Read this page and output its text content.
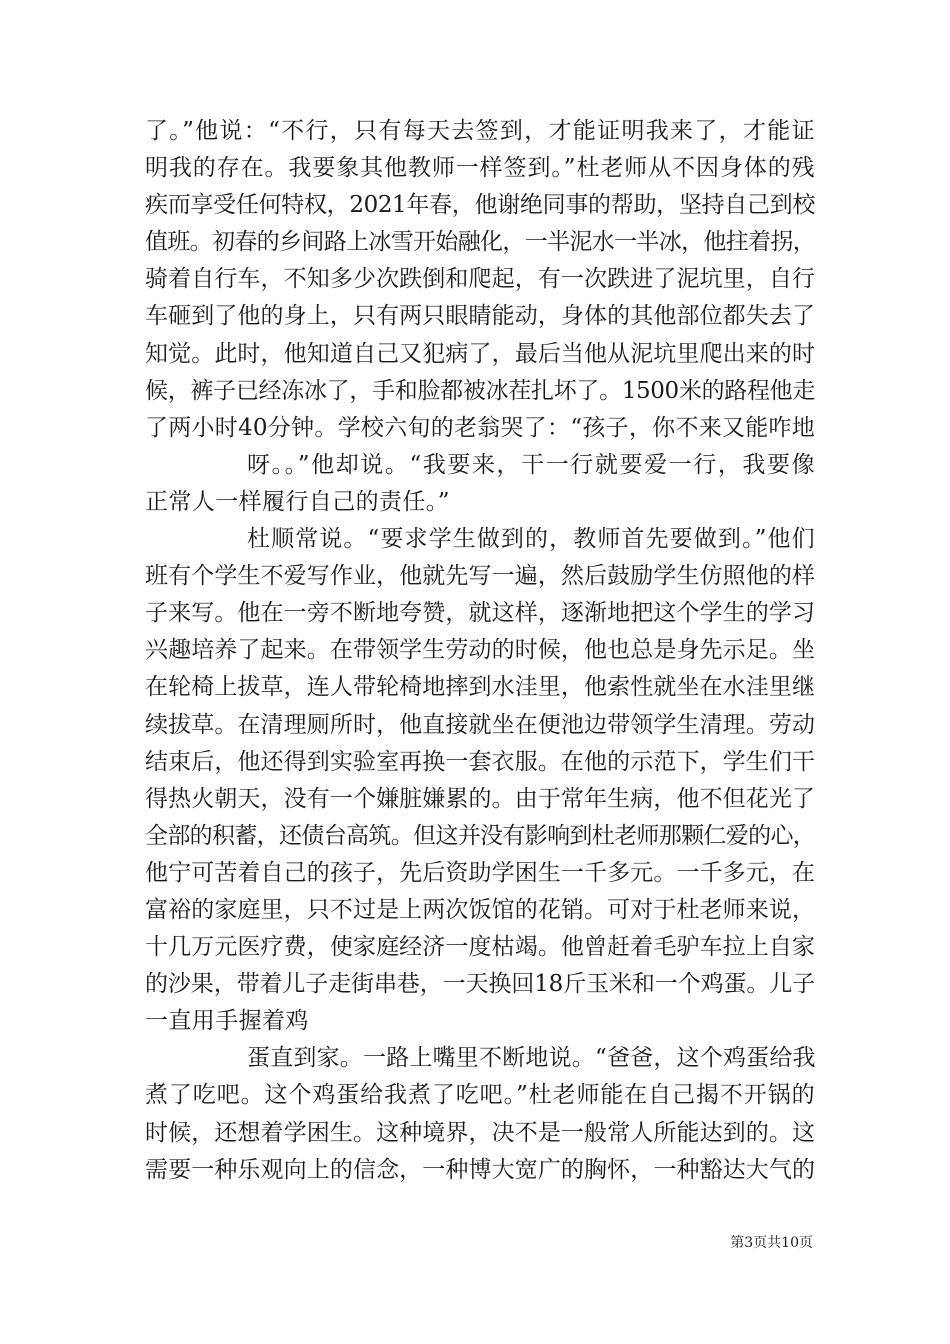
了。”他说：“不行，只有每天去签到，才能证明我来了，才能证
明我的存在。我要象其他教师一样签到。”杜老师从不因身体的残
疾而享受任何特权，2021年春，他谢绝同事的帮助，坚持自己到校
值班。初春的乡间路上冰雪开始融化，一半泥水一半冰，他拄着拐，
骑着自行车，不知多少次跌倒和爬起，有一次跌进了泥坑里，自行
车砸到了他的身上，只有两只眼睛能动，身体的其他部位都失去了
知觉。此时，他知道自己又犯病了，最后当他从泥坑里爬出来的时
候，裤子已经冻冰了，手和脸都被冰茬扎坏了。1500米的路程他走
了两小时40分钟。学校六旬的老翁哭了：“孩子，你不来又能咋地
呀。。”他却说。“我要来，干一行就要爱一行，我要像
正常人一样履行自己的责任。”
杜顺常说。“要求学生做到的，教师首先要做到。”他们
班有个学生不爱写作业，他就先写一遍，然后鼓励学生仿照他的样
子来写。他在一旁不断地夸赞，就这样，逐渐地把这个学生的学习
兴趣培养了起来。在带领学生劳动的时候，他也总是身先示足。坐
在轮椅上拔草，连人带轮椅地摔到水洼里，他索性就坐在水洼里继
续拔草。在清理厕所时，他直接就坐在便池边带领学生清理。劳动
结束后，他还得到实验室再换一套衣服。在他的示范下，学生们干
得热火朝天，没有一个嫌脏嫌累的。由于常年生病，他不但花光了
全部的积蓄，还债台高筑。但这并没有影响到杜老师那颗仁爱的心，
他宁可苦着自己的孩子，先后资助学困生一千多元。一千多元，在
富裕的家庭里，只不过是上两次饭馆的花销。可对于杜老师来说，
十几万元医疗费，使家庭经济一度枯竭。他曾赶着毛驴车拉上自家
的沙果，带着儿子走街串巷，一天换回18斤玉米和一个鸡蛋。儿子
一直用手握着鸡
蛋直到家。一路上嘴里不断地说。“爸爸，这个鸡蛋给我
煮了吃吧。这个鸡蛋给我煮了吃吧。”杜老师能在自己揭不开锅的
时候，还想着学困生。这种境界，决不是一般常人所能达到的。这
需要一种乐观向上的信念，一种博大宽广的胸怀，一种豁达大气的
第3页共10页
